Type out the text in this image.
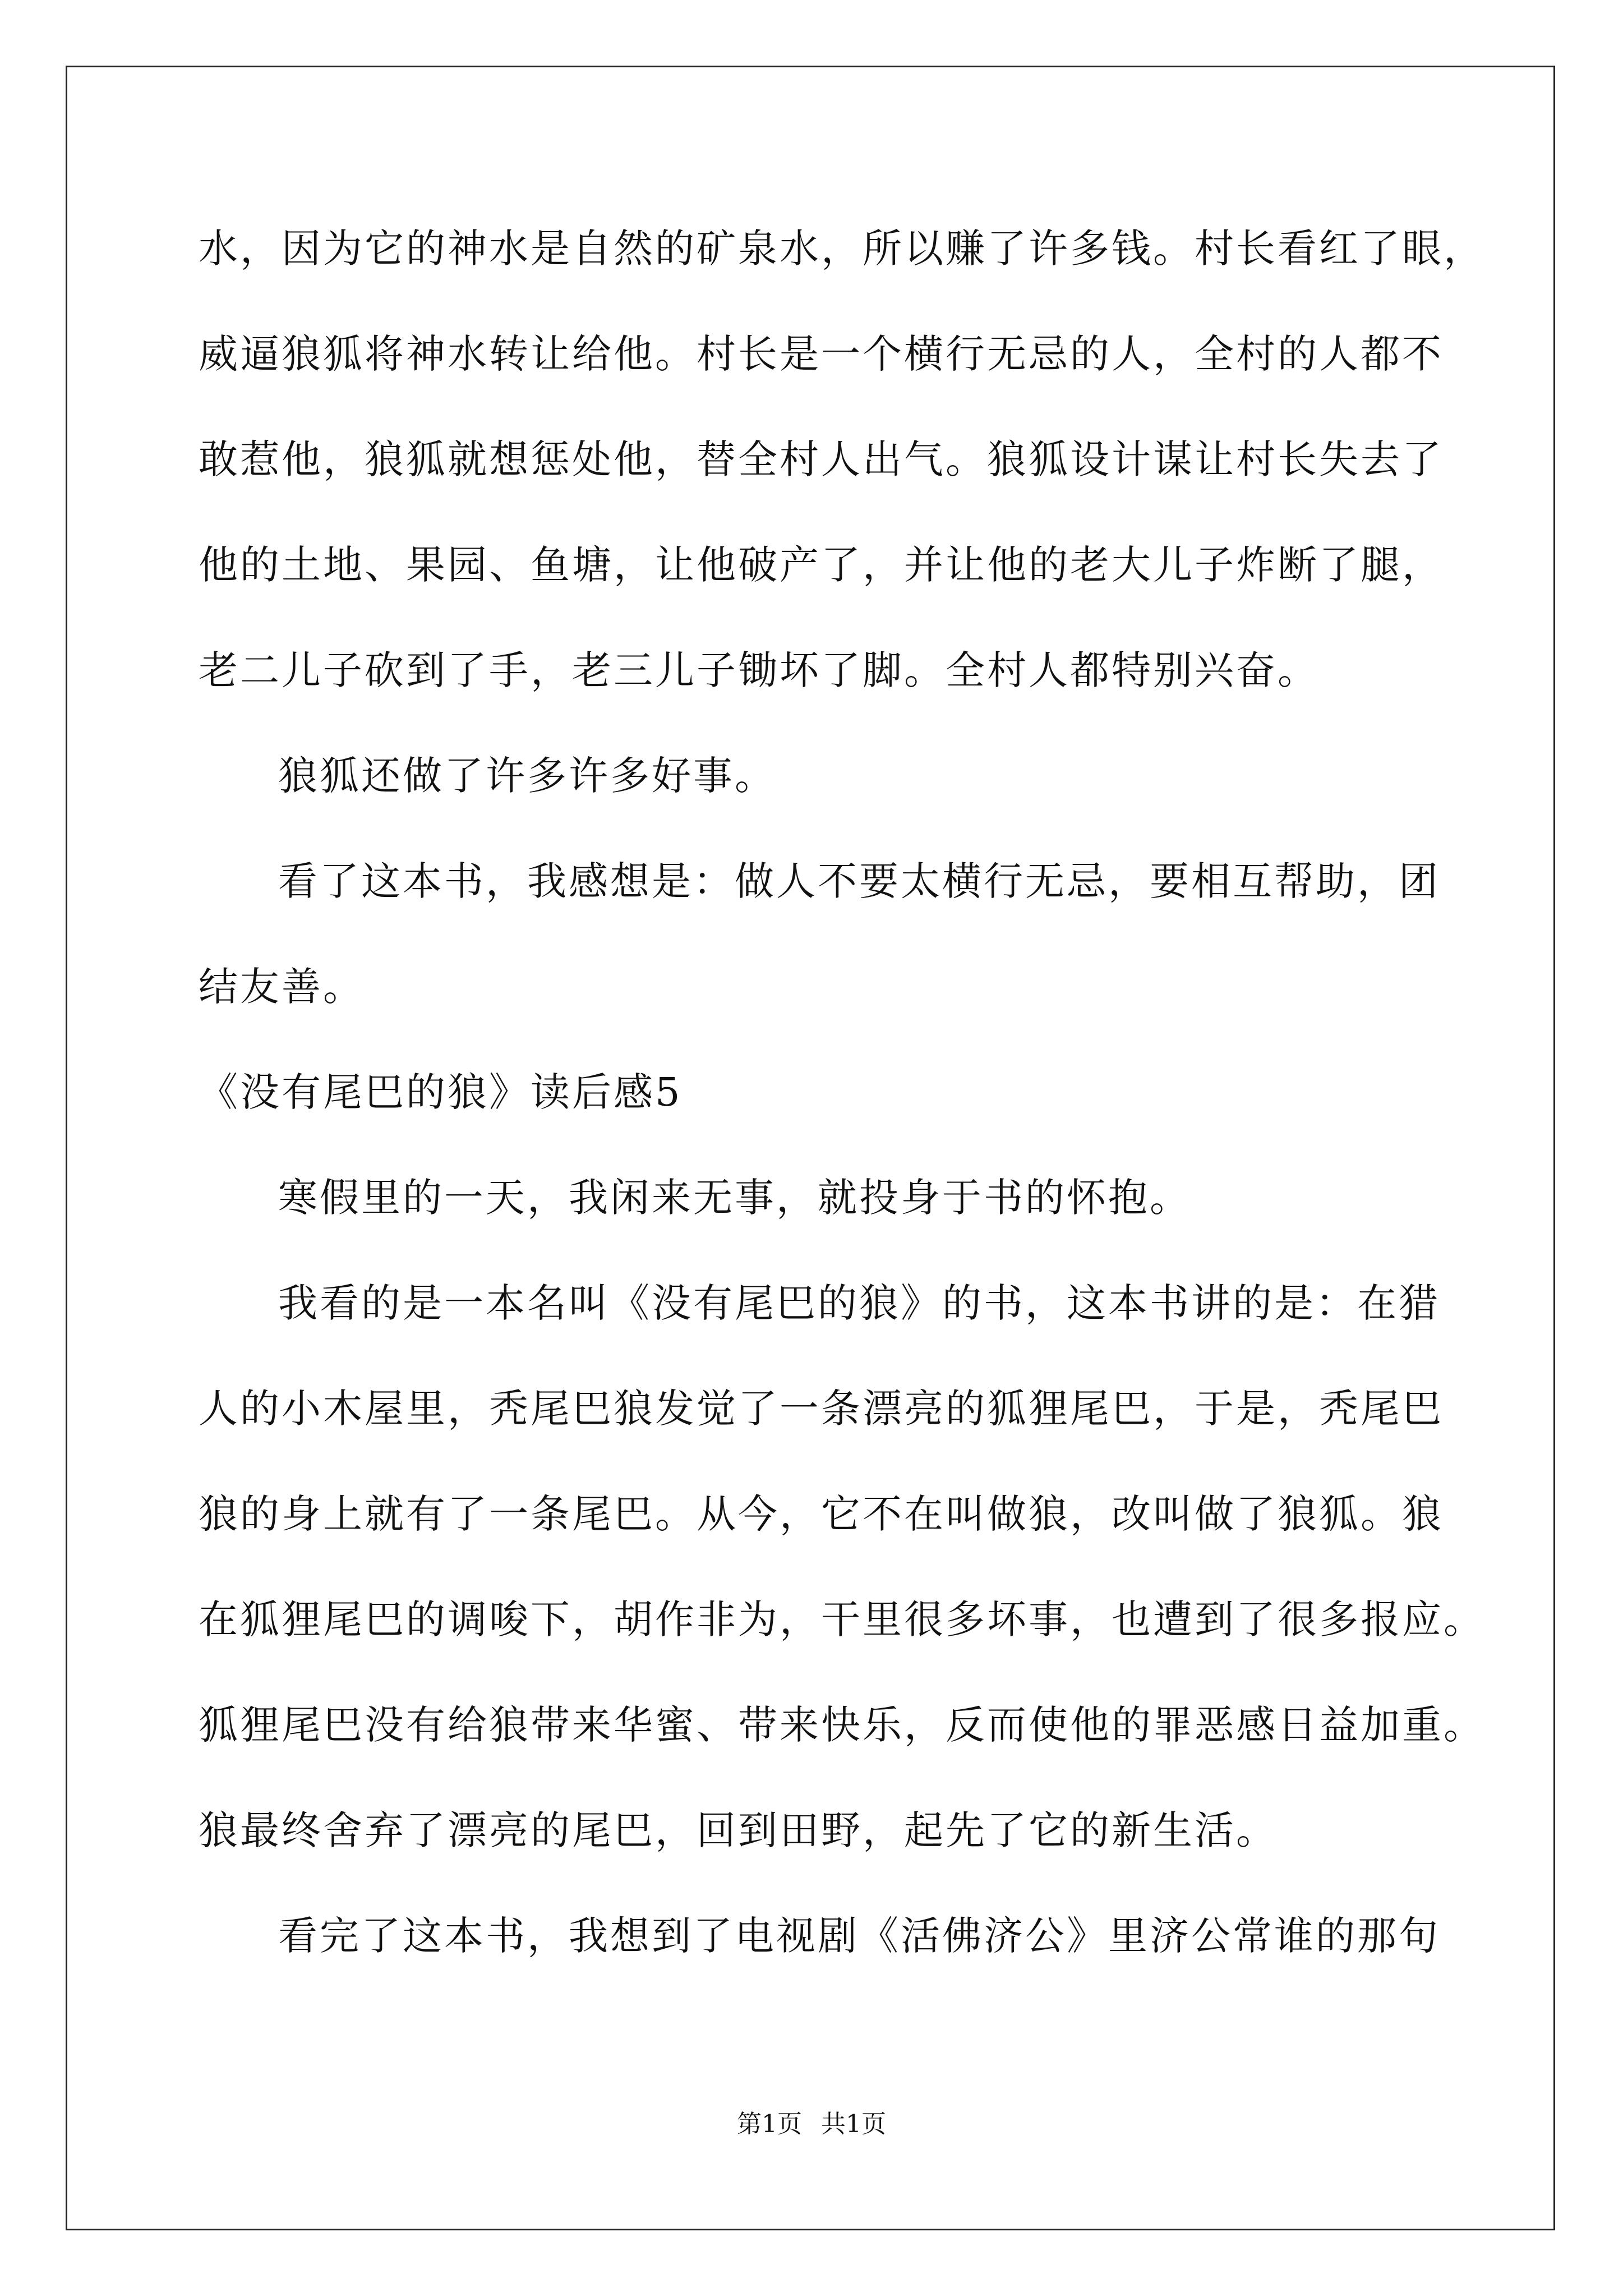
水，因为它的神水是自然的矿泉水，所以赚了许多钱。村长看红了眼，
威逼狼狐将神水转让给他。村长是一个横行无忌的人，全村的人都不
敢惹他，狼狐就想惩处他，替全村人出气。狼狐设计谋让村长失去了
他的土地、果园、鱼塘，让他破产了，并让他的老大儿子炸断了腿，
老二儿子砍到了手，老三儿子锄坏了脚。全村人都特别兴奋。
狼狐还做了许多许多好事。
看了这本书，我感想是：做人不要太横行无忌，要相互帮助，团
结友善。
《没有尾巴的狼》读后感5
寒假里的一天，我闲来无事，就投身于书的怀抱。
我看的是一本名叫《没有尾巴的狼》的书，这本书讲的是：在猎
人的小木屋里，秃尾巴狼发觉了一条漂亮的狐狸尾巴，于是，秃尾巴
狼的身上就有了一条尾巴。从今，它不在叫做狼，改叫做了狼狐。狼
在狐狸尾巴的调唆下，胡作非为，干里很多坏事，也遭到了很多报应。
狐狸尾巴没有给狼带来华蜜、带来快乐，反而使他的罪恶感日益加重。
狼最终舍弃了漂亮的尾巴，回到田野，起先了它的新生活。
看完了这本书，我想到了电视剧《活佛济公》里济公常谁的那句
第1页 共1页
